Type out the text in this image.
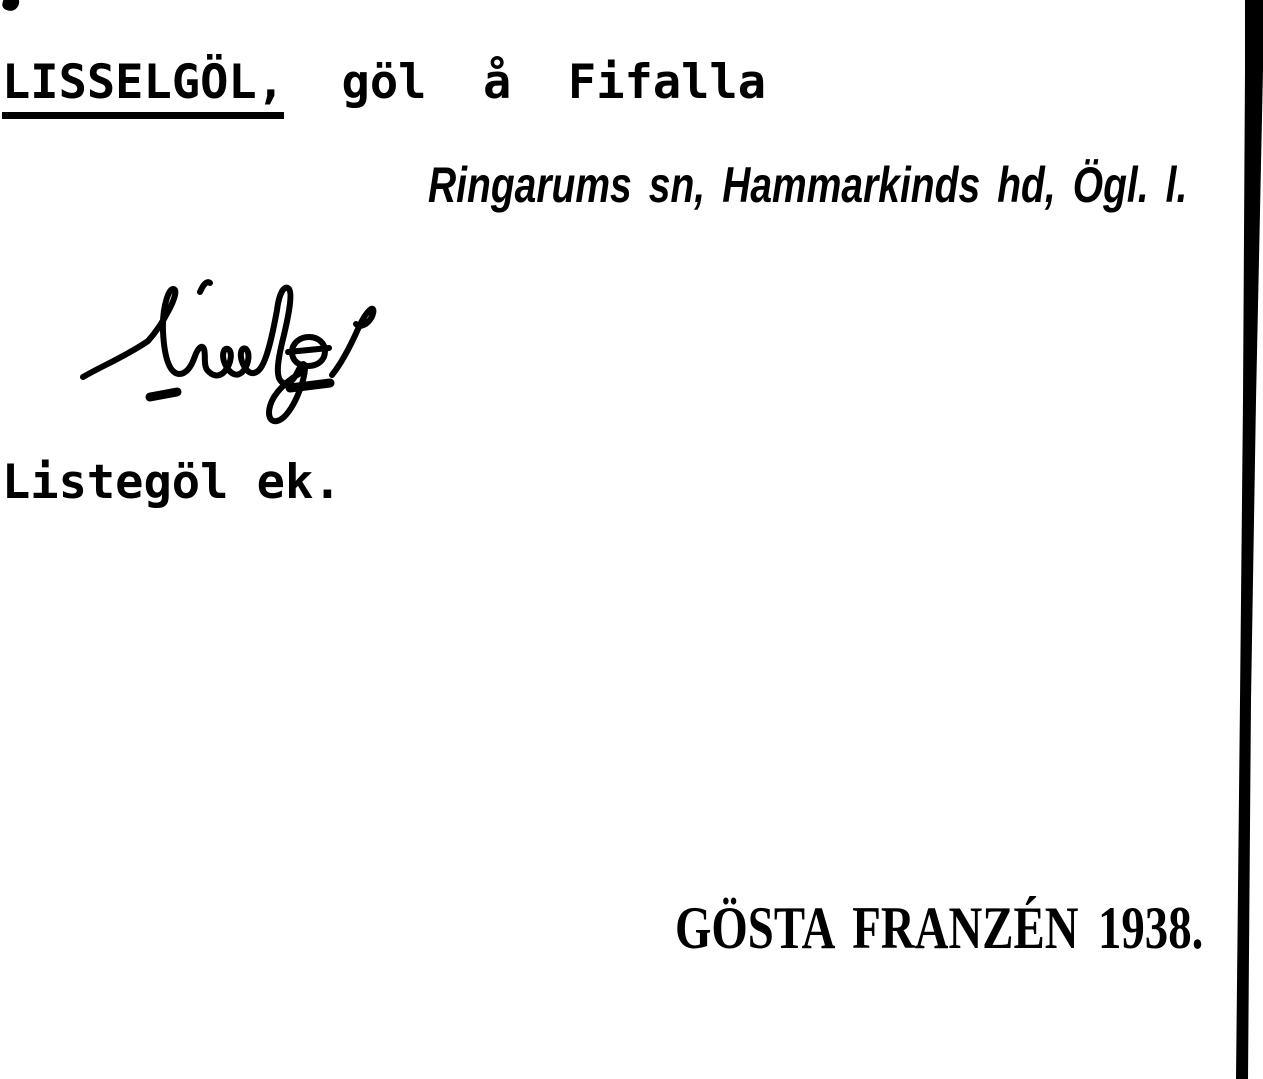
LISSELGÖL,  göl  å  Fifalla
Ringarums sn, Hammarkinds hd, Ögl. l.
Listegöl ek.
GÖSTA FRANZÉN 1938.
